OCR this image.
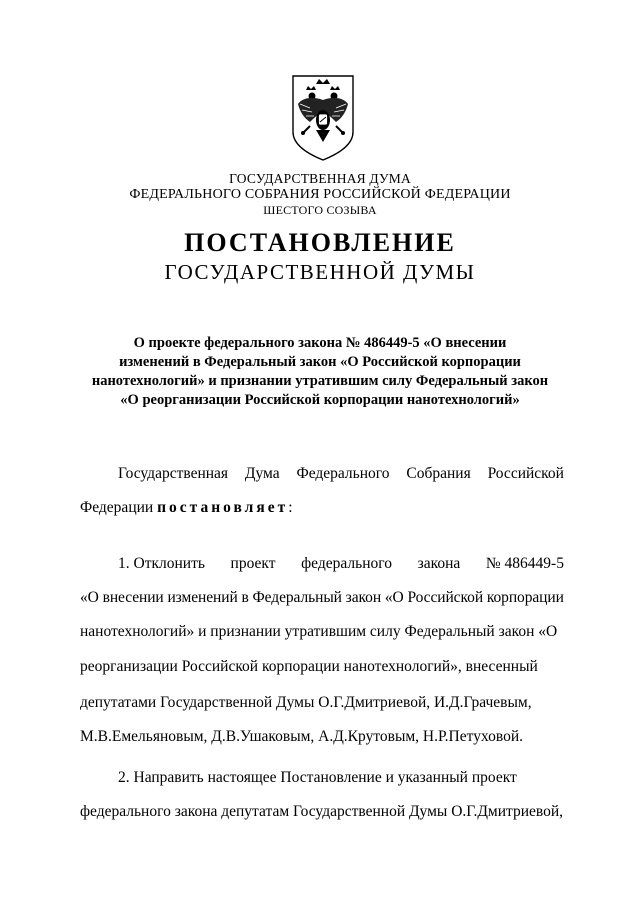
ГОСУДАРСТВЕННАЯ ДУМА
ФЕДЕРАЛЬНОГО СОБРАНИЯ РОССИЙСКОЙ ФЕДЕРАЦИИ
ШЕСТОГО СОЗЫВА
ПОСТАНОВЛЕНИЕ
ГОСУДАРСТВЕННОЙ ДУМЫ
О проекте федерального закона № 486449-5 «О внесении
изменений в Федеральный закон «О Российской корпорации
нанотехнологий» и признании утратившим силу Федеральный закон
«О реорганизации Российской корпорации нанотехнологий»
Государственная Дума Федерального Собрания Российской
Федерации постановляет:
1. Отклонить проект федерального закона № 486449-5
«О внесении изменений в Федеральный закон «О Российской корпорации
нанотехнологий» и признании утратившим силу Федеральный закон «О
реорганизации Российской корпорации нанотехнологий», внесенный
депутатами Государственной Думы О.Г.Дмитриевой, И.Д.Грачевым,
М.В.Емельяновым, Д.В.Ушаковым, А.Д.Крутовым, Н.Р.Петуховой.
2. Направить настоящее Постановление и указанный проект
федерального закона депутатам Государственной Думы О.Г.Дмитриевой,
